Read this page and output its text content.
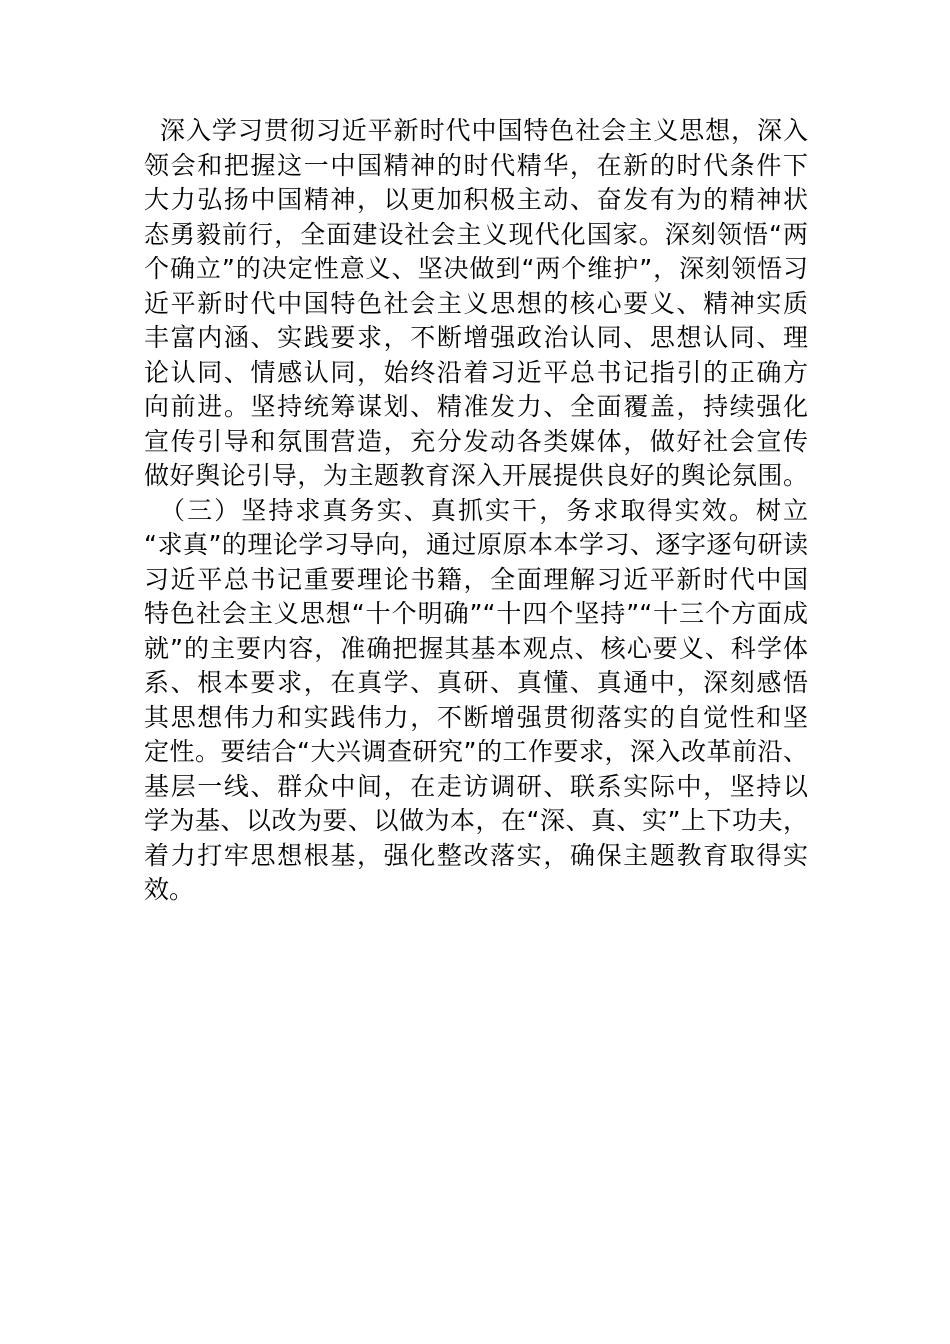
深入学习贯彻习近平新时代中国特色社会主义思想，深入
领会和把握这一中国精神的时代精华，在新的时代条件下
大力弘扬中国精神，以更加积极主动、奋发有为的精神状
态勇毅前行，全面建设社会主义现代化国家。深刻领悟“两
个确立”的决定性意义、坚决做到“两个维护”，深刻领悟习
近平新时代中国特色社会主义思想的核心要义、精神实质
丰富内涵、实践要求，不断增强政治认同、思想认同、理
论认同、情感认同，始终沿着习近平总书记指引的正确方
向前进。坚持统筹谋划、精准发力、全面覆盖，持续强化
宣传引导和氛围营造，充分发动各类媒体，做好社会宣传
做好舆论引导，为主题教育深入开展提供良好的舆论氛围。
（三）坚持求真务实、真抓实干，务求取得实效。树立
“求真”的理论学习导向，通过原原本本学习、逐字逐句研读
习近平总书记重要理论书籍，全面理解习近平新时代中国
特色社会主义思想“十个明确”“十四个坚持”“十三个方面成
就”的主要内容，准确把握其基本观点、核心要义、科学体
系、根本要求，在真学、真研、真懂、真通中，深刻感悟
其思想伟力和实践伟力，不断增强贯彻落实的自觉性和坚
定性。要结合“大兴调查研究”的工作要求，深入改革前沿、
基层一线、群众中间，在走访调研、联系实际中，坚持以
学为基、以改为要、以做为本，在“深、真、实”上下功夫，
着力打牢思想根基，强化整改落实，确保主题教育取得实
效。
